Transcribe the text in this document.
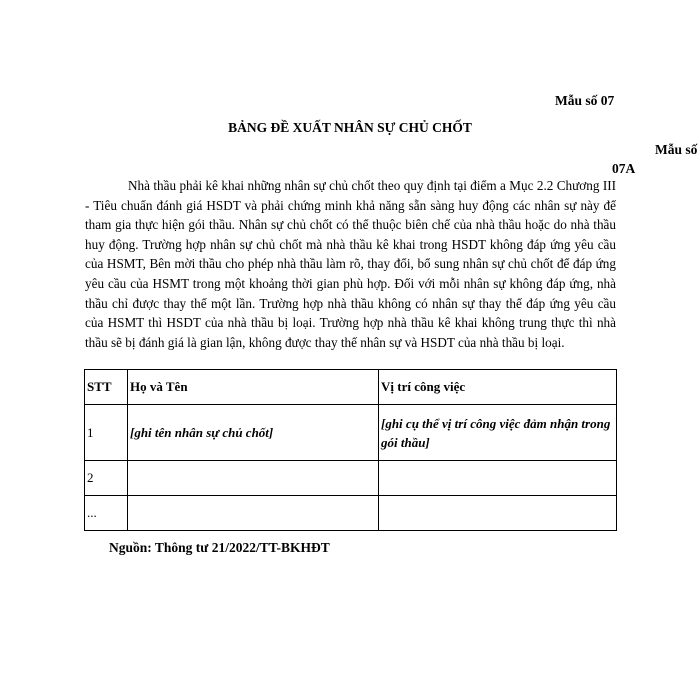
Mẫu số 07
BẢNG ĐỀ XUẤT NHÂN SỰ CHỦ CHỐT
Mẫu số
07A
Nhà thầu phải kê khai những nhân sự chủ chốt theo quy định tại điểm a Mục 2.2 Chương III - Tiêu chuẩn đánh giá HSDT và phải chứng minh khả năng sẵn sàng huy động các nhân sự này để tham gia thực hiện gói thầu. Nhân sự chủ chốt có thể thuộc biên chế của nhà thầu hoặc do nhà thầu huy động. Trường hợp nhân sự chủ chốt mà nhà thầu kê khai trong HSDT không đáp ứng yêu cầu của HSMT, Bên mời thầu cho phép nhà thầu làm rõ, thay đổi, bổ sung nhân sự chủ chốt để đáp ứng yêu cầu của HSMT trong một khoảng thời gian phù hợp. Đối với mỗi nhân sự không đáp ứng, nhà thầu chỉ được thay thế một lần. Trường hợp nhà thầu không có nhân sự thay thế đáp ứng yêu cầu của HSMT thì HSDT của nhà thầu bị loại. Trường hợp nhà thầu kê khai không trung thực thì nhà thầu sẽ bị đánh giá là gian lận, không được thay thế nhân sự và HSDT của nhà thầu bị loại.
STT	Họ và Tên	Vị trí công việc
1	[ghi tên nhân sự chủ chốt]	[ghi cụ thể vị trí công việc đảm nhận trong gói thầu]
2		
...		
Nguồn: Thông tư 21/2022/TT-BKHĐT
